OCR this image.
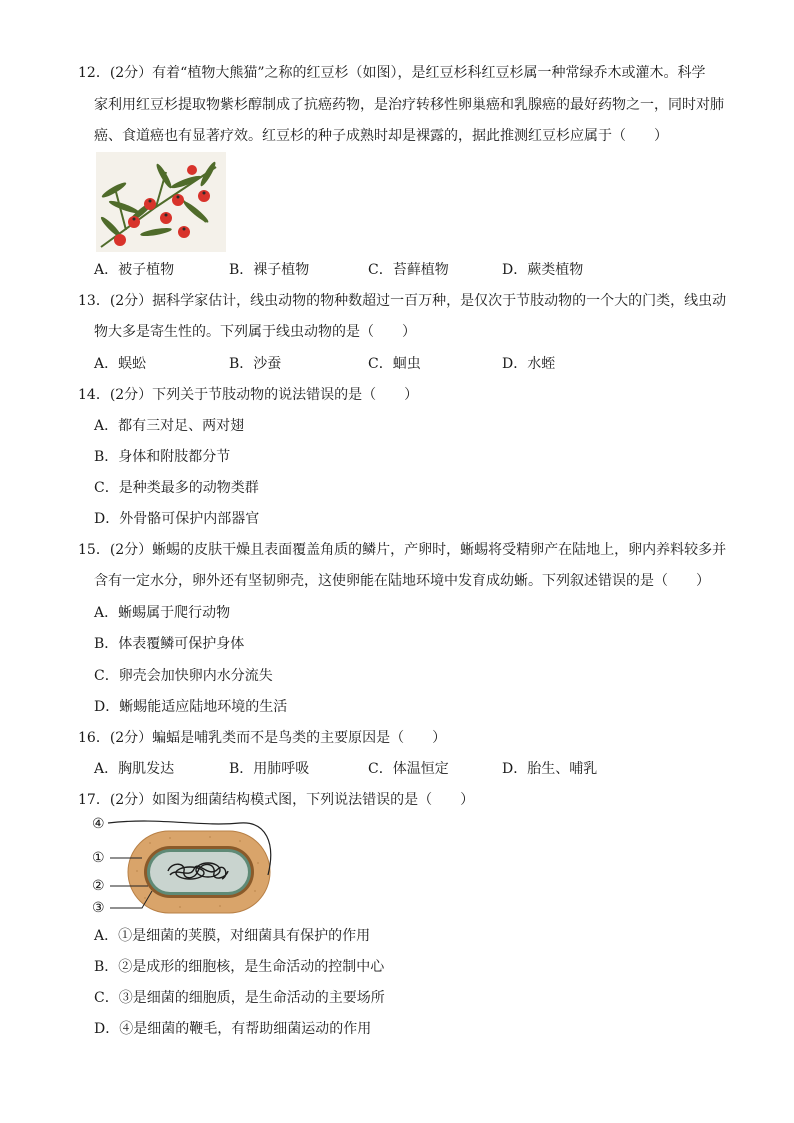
12．(2分）有着“植物大熊猫”之称的红豆杉（如图），是红豆杉科红豆杉属一种常绿乔木或灌木。科学
家利用红豆杉提取物紫杉醇制成了抗癌药物，是治疗转移性卵巢癌和乳腺癌的最好药物之一，同时对肺
癌、食道癌也有显著疗效。红豆杉的种子成熟时却是裸露的，据此推测红豆杉应属于（　　）
A．被子植物	B．裸子植物	C．苔藓植物	D．蕨类植物
13．(2分）据科学家估计，线虫动物的物种数超过一百万种，是仅次于节肢动物的一个大的门类，线虫动
物大多是寄生性的。下列属于线虫动物的是（　　）
A．蜈蚣	B．沙蚕	C．蛔虫	D．水蛭
14．(2分）下列关于节肢动物的说法错误的是（　　）
A．都有三对足、两对翅
B．身体和附肢都分节
C．是种类最多的动物类群
D．外骨骼可保护内部器官
15．(2分）蜥蜴的皮肤干燥且表面覆盖角质的鳞片，产卵时，蜥蜴将受精卵产在陆地上，卵内养料较多并
含有一定水分，卵外还有坚韧卵壳，这使卵能在陆地环境中发育成幼蜥。下列叙述错误的是（　　）
A．蜥蜴属于爬行动物
B．体表覆鳞可保护身体
C．卵壳会加快卵内水分流失
D．蜥蜴能适应陆地环境的生活
16．(2分）蝙蝠是哺乳类而不是鸟类的主要原因是（　　）
A．胸肌发达	B．用肺呼吸	C．体温恒定	D．胎生、哺乳
17．(2分）如图为细菌结构模式图，下列说法错误的是（　　）
④
①
②
③
A．①是细菌的荚膜，对细菌具有保护的作用
B．②是成形的细胞核，是生命活动的控制中心
C．③是细菌的细胞质，是生命活动的主要场所
D．④是细菌的鞭毛，有帮助细菌运动的作用
